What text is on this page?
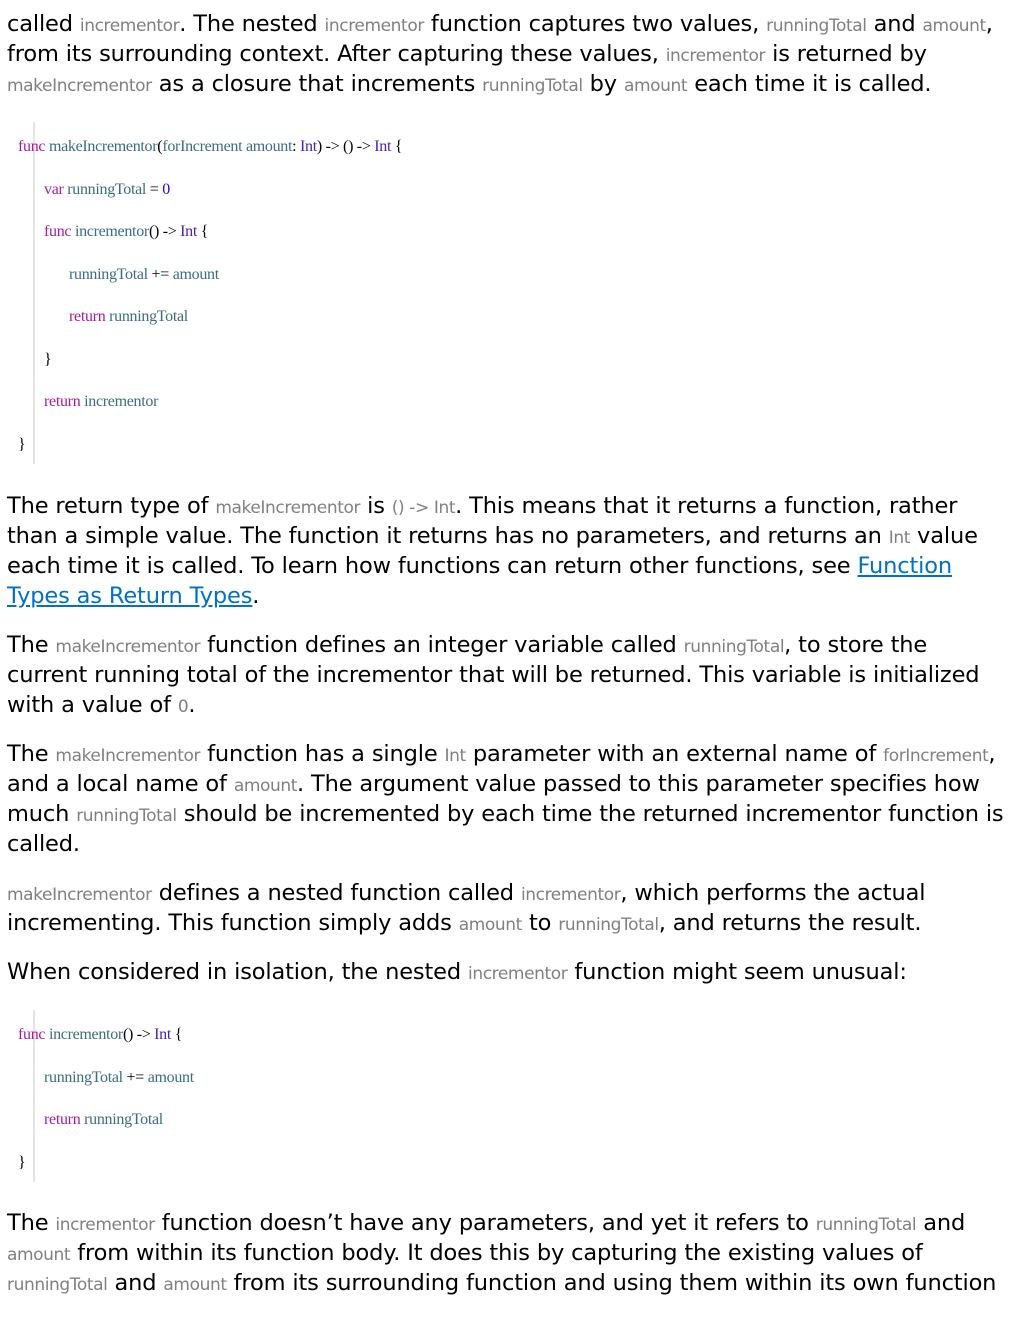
called incrementor. The nested incrementor function captures two values, runningTotal and amount,

from its surrounding context. After capturing these values, incrementor is returned by

makeIncrementor as a closure that increments runningTotal by amount each time it is called.

func makeIncrementor(forIncrement amount: Int) -> () -> Int {
var runningTotal = 0
func incrementor() -> Int {
runningTotal += amount
return runningTotal
}
return incrementor
}

The return type of makeIncrementor is () -> Int. This means that it returns a function, rather

than a simple value. The function it returns has no parameters, and returns an Int value

each time it is called. To learn how functions can return other functions, see Function

Types as Return Types.

The makeIncrementor function defines an integer variable called runningTotal, to store the

current running total of the incrementor that will be returned. This variable is initialized

with a value of 0.

The makeIncrementor function has a single Int parameter with an external name of forIncrement,

and a local name of amount. The argument value passed to this parameter specifies how

much runningTotal should be incremented by each time the returned incrementor function is

called.

makeIncrementor defines a nested function called incrementor, which performs the actual

incrementing. This function simply adds amount to runningTotal, and returns the result.

When considered in isolation, the nested incrementor function might seem unusual:

func incrementor() -> Int {
runningTotal += amount
return runningTotal
}

The incrementor function doesn’t have any parameters, and yet it refers to runningTotal and

amount from within its function body. It does this by capturing the existing values of

runningTotal and amount from its surrounding function and using them within its own function
